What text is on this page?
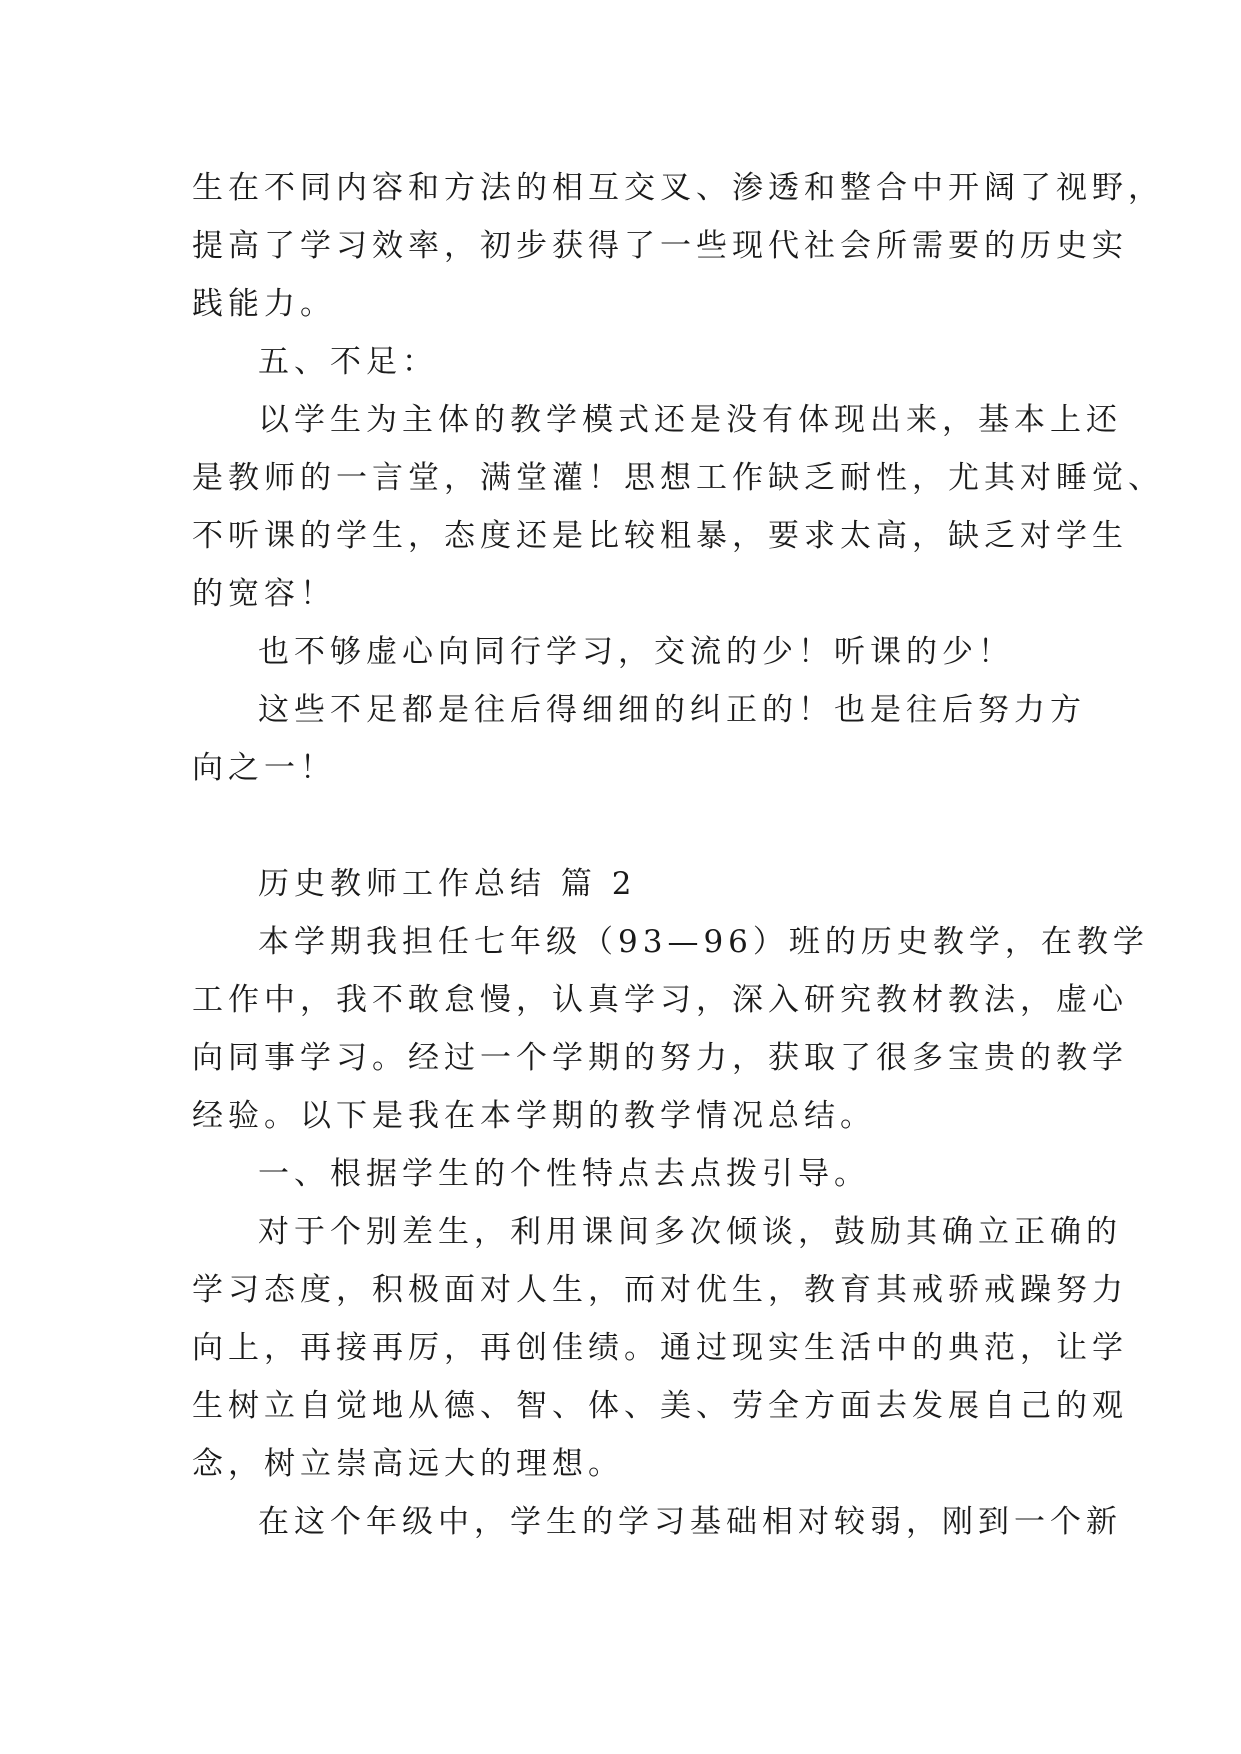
生在不同内容和方法的相互交叉、渗透和整合中开阔了视野，
提高了学习效率，初步获得了一些现代社会所需要的历史实
践能力。
五、不足：
以学生为主体的教学模式还是没有体现出来，基本上还
是教师的一言堂，满堂灌！思想工作缺乏耐性，尤其对睡觉、
不听课的学生，态度还是比较粗暴，要求太高，缺乏对学生
的宽容！
也不够虚心向同行学习，交流的少！听课的少！
这些不足都是往后得细细的纠正的！也是往后努力方
向之一！
历史教师工作总结 篇 2
本学期我担任七年级（93—96）班的历史教学，在教学
工作中，我不敢怠慢，认真学习，深入研究教材教法，虚心
向同事学习。经过一个学期的努力，获取了很多宝贵的教学
经验。以下是我在本学期的教学情况总结。
一、根据学生的个性特点去点拨引导。
对于个别差生，利用课间多次倾谈，鼓励其确立正确的
学习态度，积极面对人生，而对优生，教育其戒骄戒躁努力
向上，再接再厉，再创佳绩。通过现实生活中的典范，让学
生树立自觉地从德、智、体、美、劳全方面去发展自己的观
念，树立崇高远大的理想。
在这个年级中，学生的学习基础相对较弱，刚到一个新
